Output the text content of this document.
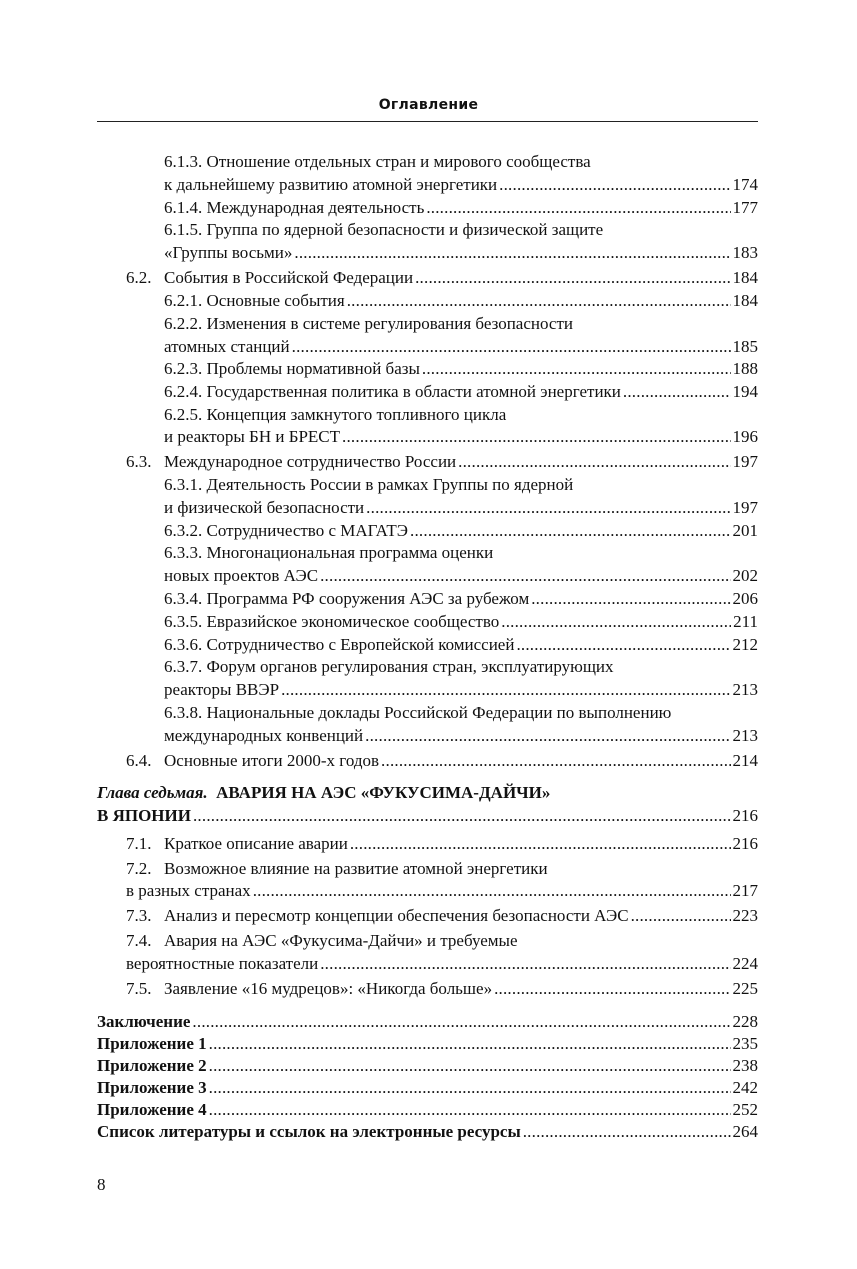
Оглавление
6.1.3. Отношение отдельных стран и мирового сообщества
к дальнейшему развитию атомной энергетики .....	174
6.1.4. Международная деятельность .....	177
6.1.5. Группа по ядерной безопасности и физической защите
«Группы восьми» .....	183
6.2. События в Российской Федерации .....	184
6.2.1. Основные события .....	184
6.2.2. Изменения в системе регулирования безопасности
атомных станций .....	185
6.2.3. Проблемы нормативной базы .....	188
6.2.4. Государственная политика в области атомной энергетики .....	194
6.2.5. Концепция замкнутого топливного цикла
и реакторы БН и БРЕСТ .....	196
6.3. Международное сотрудничество России .....	197
6.3.1. Деятельность России в рамках Группы по ядерной
и физической безопасности .....	197
6.3.2. Сотрудничество с МАГАТЭ .....	201
6.3.3. Многонациональная программа оценки
новых проектов АЭС .....	202
6.3.4. Программа РФ сооружения АЭС за рубежом .....	206
6.3.5. Евразийское экономическое сообщество .....	211
6.3.6. Сотрудничество с Европейской комиссией .....	212
6.3.7. Форум органов регулирования стран, эксплуатирующих
реакторы ВВЭР .....	213
6.3.8. Национальные доклады Российской Федерации по выполнению
международных конвенций .....	213
6.4. Основные итоги 2000-х годов .....	214
Глава седьмая. АВАРИЯ НА АЭС «ФУКУСИМА-ДАЙЧИ»
В ЯПОНИИ .....	216
7.1. Краткое описание аварии .....	216
7.2. Возможное влияние на развитие атомной энергетики
в разных странах .....	217
7.3. Анализ и пересмотр концепции обеспечения безопасности АЭС .....	223
7.4. Авария на АЭС «Фукусима-Дайчи» и требуемые
вероятностные показатели .....	224
7.5. Заявление «16 мудрецов»: «Никогда больше» .....	225
Заключение .....	228
Приложение 1 .....	235
Приложение 2 .....	238
Приложение 3 .....	242
Приложение 4 .....	252
Список литературы и ссылок на электронные ресурсы .....	264
8
